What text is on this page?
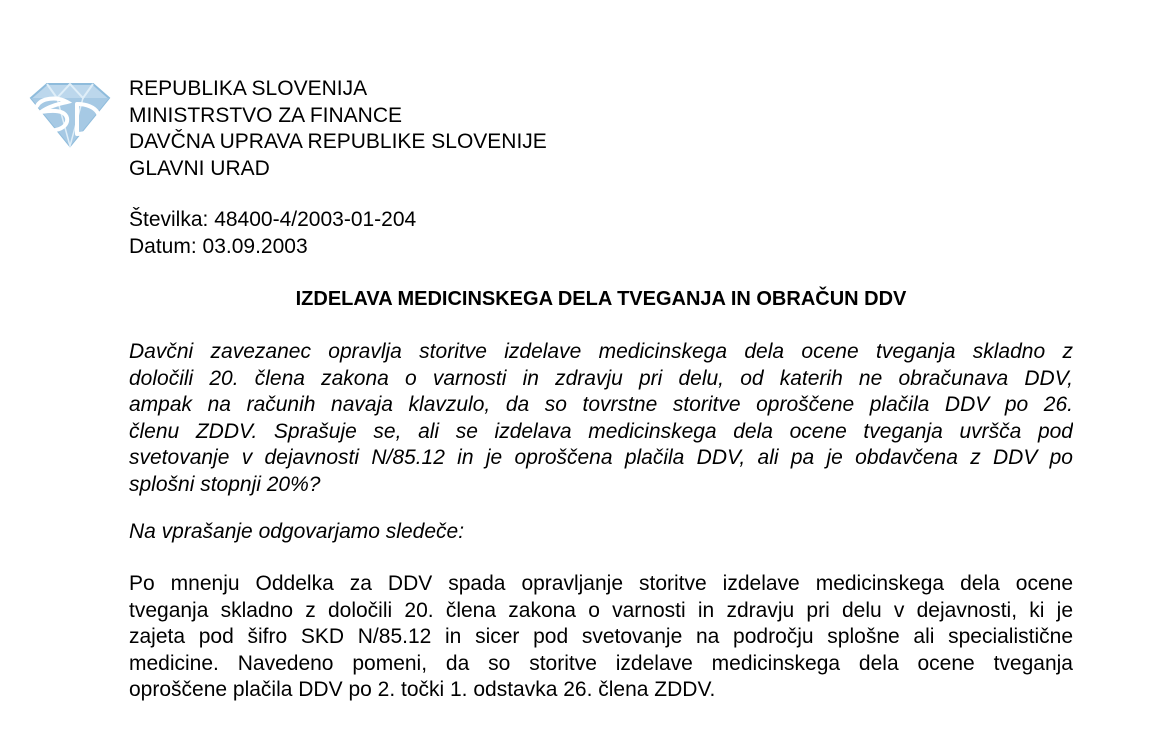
REPUBLIKA SLOVENIJA
MINISTRSTVO ZA FINANCE
DAVČNA UPRAVA REPUBLIKE SLOVENIJE
GLAVNI URAD
Številka: 48400-4/2003-01-204
Datum: 03.09.2003
IZDELAVA MEDICINSKEGA DELA TVEGANJA IN OBRAČUN DDV
Davčni zavezanec opravlja storitve izdelave medicinskega dela ocene tveganja skladno z
določili 20. člena zakona o varnosti in zdravju pri delu, od katerih ne obračunava DDV,
ampak na računih navaja klavzulo, da so tovrstne storitve oproščene plačila DDV po 26.
členu ZDDV. Sprašuje se, ali se izdelava medicinskega dela ocene tveganja uvršča pod
svetovanje v dejavnosti N/85.12 in je oproščena plačila DDV, ali pa je obdavčena z DDV po
splošni stopnji 20%?
Na vprašanje odgovarjamo sledeče:
Po mnenju Oddelka za DDV spada opravljanje storitve izdelave medicinskega dela ocene
tveganja skladno z določili 20. člena zakona o varnosti in zdravju pri delu v dejavnosti, ki je
zajeta pod šifro SKD N/85.12 in sicer pod svetovanje na področju splošne ali specialistične
medicine. Navedeno pomeni, da so storitve izdelave medicinskega dela ocene tveganja
oproščene plačila DDV po 2. točki 1. odstavka 26. člena ZDDV.
